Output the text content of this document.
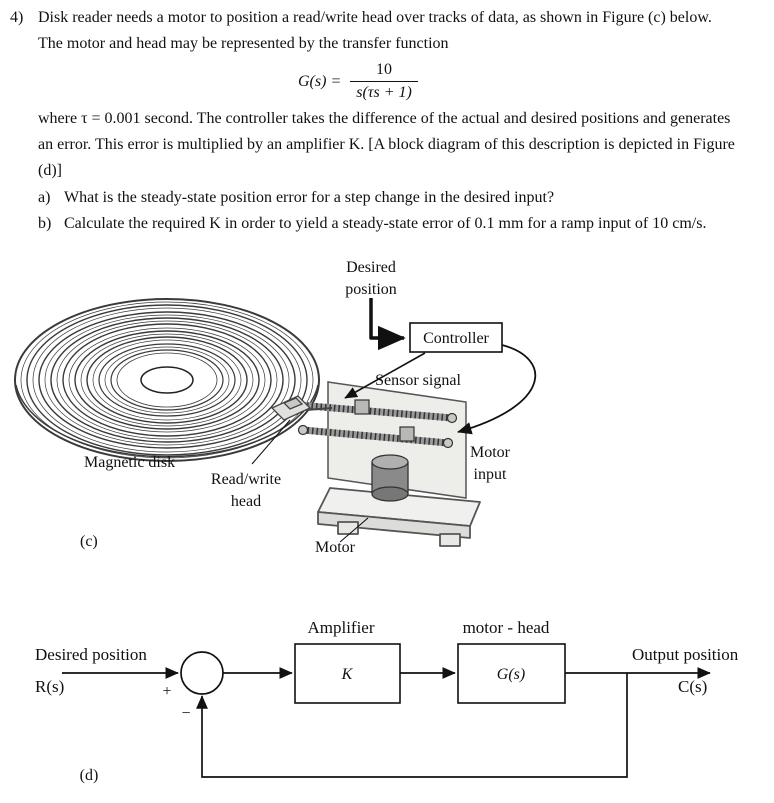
4) Disk reader needs a motor to position a read/write head over tracks of data, as shown in Figure (c) below. The motor and head may be represented by the transfer function
$G(s) = \frac{10}{s(\tau s + 1)}$
where τ = 0.001 second. The controller takes the difference of the actual and desired positions and generates an error. This error is multiplied by an amplifier K. [A block diagram of this description is depicted in Figure (d)]
a) What is the steady-state position error for a step change in the desired input?
b) Calculate the required K in order to yield a steady-state error of 0.1 mm for a ramp input of 10 cm/s.
Desired
position
Controller
Sensor signal
Magnetic disk
Read/write
head
Motor
input
Motor
(c)
Amplifier	motor - head
Desired position
R(s)	+
−
K	G(s)
Output position
C(s)
(d)
